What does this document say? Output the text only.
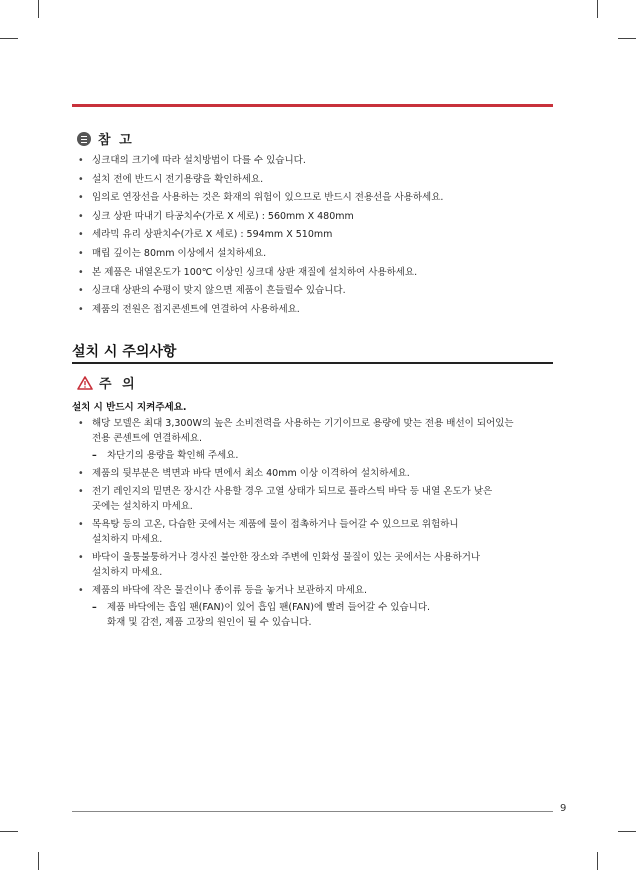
참 고
• 싱크대의 크기에 따라 설치방법이 다를 수 있습니다.
• 설치 전에 반드시 전기용량을 확인하세요.
• 임의로 연장선을 사용하는 것은 화재의 위험이 있으므로 반드시 전용선을 사용하세요.
• 싱크 상판 따내기 타공치수(가로 X 세로) : 560mm X 480mm
• 세라믹 유리 상판치수(가로 X 세로) : 594mm X 510mm
• 매립 깊이는 80mm 이상에서 설치하세요.
• 본 제품은 내열온도가 100℃ 이상인 싱크대 상판 재질에 설치하여 사용하세요.
• 싱크대 상판의 수평이 맞지 않으면 제품이 흔들릴수 있습니다.
• 제품의 전원은 접지콘센트에 연결하여 사용하세요.
설치 시 주의사항
주 의
설치 시 반드시 지켜주세요.
• 해당 모델은 최대 3,300W의 높은 소비전력을 사용하는 기기이므로 용량에 맞는 전용 배선이 되어있는
전용 콘센트에 연결하세요.
– 차단기의 용량을 확인해 주세요.
• 제품의 뒷부분은 벽면과 바닥 면에서 최소 40mm 이상 이격하여 설치하세요.
• 전기 레인지의 밑면은 장시간 사용할 경우 고열 상태가 되므로 플라스틱 바닥 등 내열 온도가 낮은
곳에는 설치하지 마세요.
• 목욕탕 등의 고온, 다습한 곳에서는 제품에 물이 접촉하거나 들어갈 수 있으므로 위험하니
설치하지 마세요.
• 바닥이 울퉁불퉁하거나 경사진 불안한 장소와 주변에 인화성 물질이 있는 곳에서는 사용하거나
설치하지 마세요.
• 제품의 바닥에 작은 물건이나 종이류 등을 놓거나 보관하지 마세요.
– 제품 바닥에는 흡입 팬(FAN)이 있어 흡입 팬(FAN)에 빨려 들어갈 수 있습니다.
화재 및 감전, 제품 고장의 원인이 될 수 있습니다.
9
